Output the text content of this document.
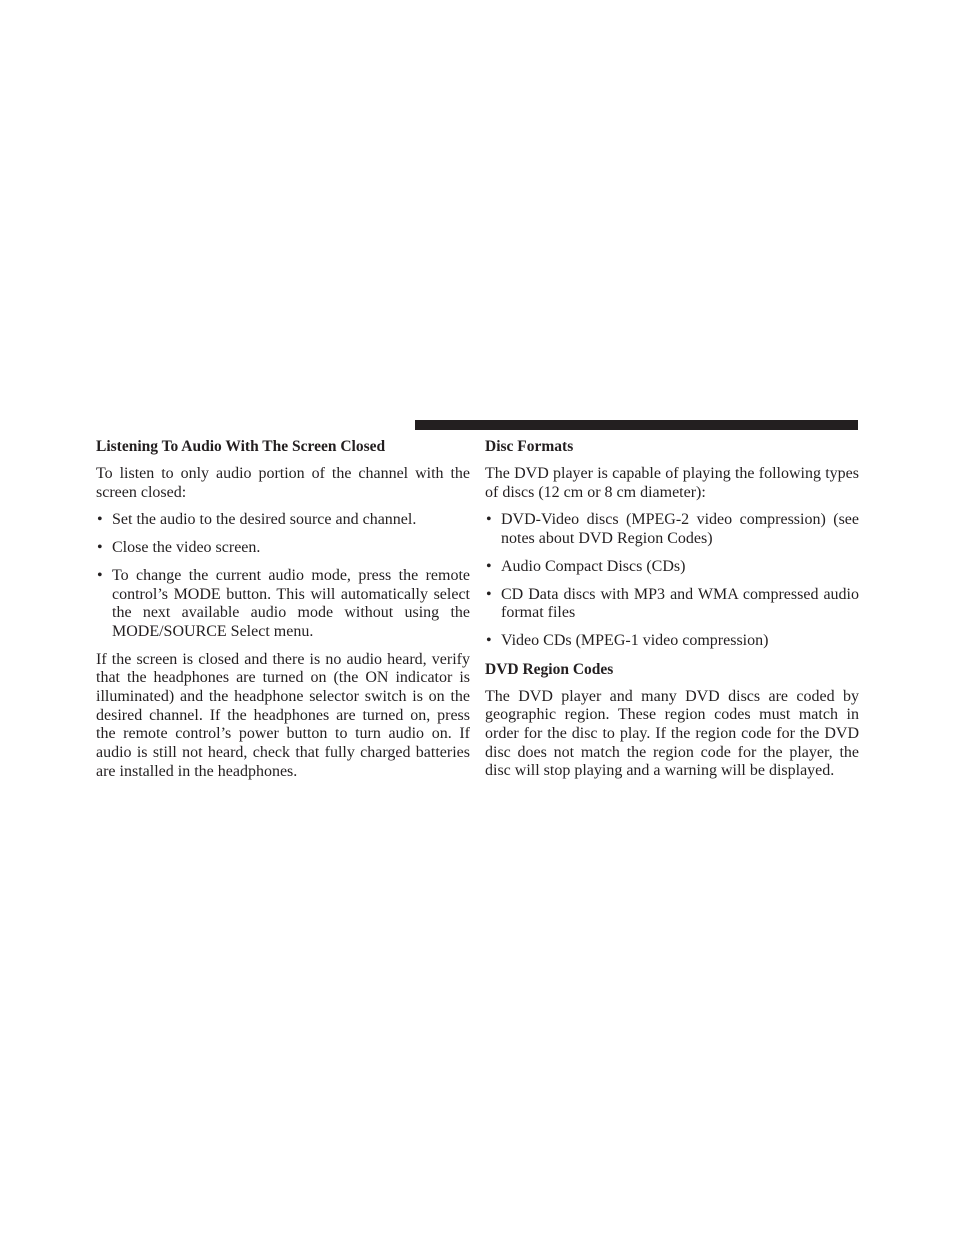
Listening To Audio With The Screen Closed

To listen to only audio portion of the channel with the screen closed:

• Set the audio to the desired source and channel.
• Close the video screen.
• To change the current audio mode, press the remote control’s MODE button. This will automatically select the next available audio mode without using the MODE/SOURCE Select menu.

If the screen is closed and there is no audio heard, verify that the headphones are turned on (the ON indicator is illuminated) and the headphone selector switch is on the desired channel. If the headphones are turned on, press the remote control’s power button to turn audio on. If audio is still not heard, check that fully charged batteries are installed in the headphones.

Disc Formats

The DVD player is capable of playing the following types of discs (12 cm or 8 cm diameter):

• DVD-Video discs (MPEG-2 video compression) (see notes about DVD Region Codes)
• Audio Compact Discs (CDs)
• CD Data discs with MP3 and WMA compressed audio format files
• Video CDs (MPEG-1 video compression)
DVD Region Codes

The DVD player and many DVD discs are coded by geographic region. These region codes must match in order for the disc to play. If the region code for the DVD disc does not match the region code for the player, the disc will stop playing and a warning will be displayed.
